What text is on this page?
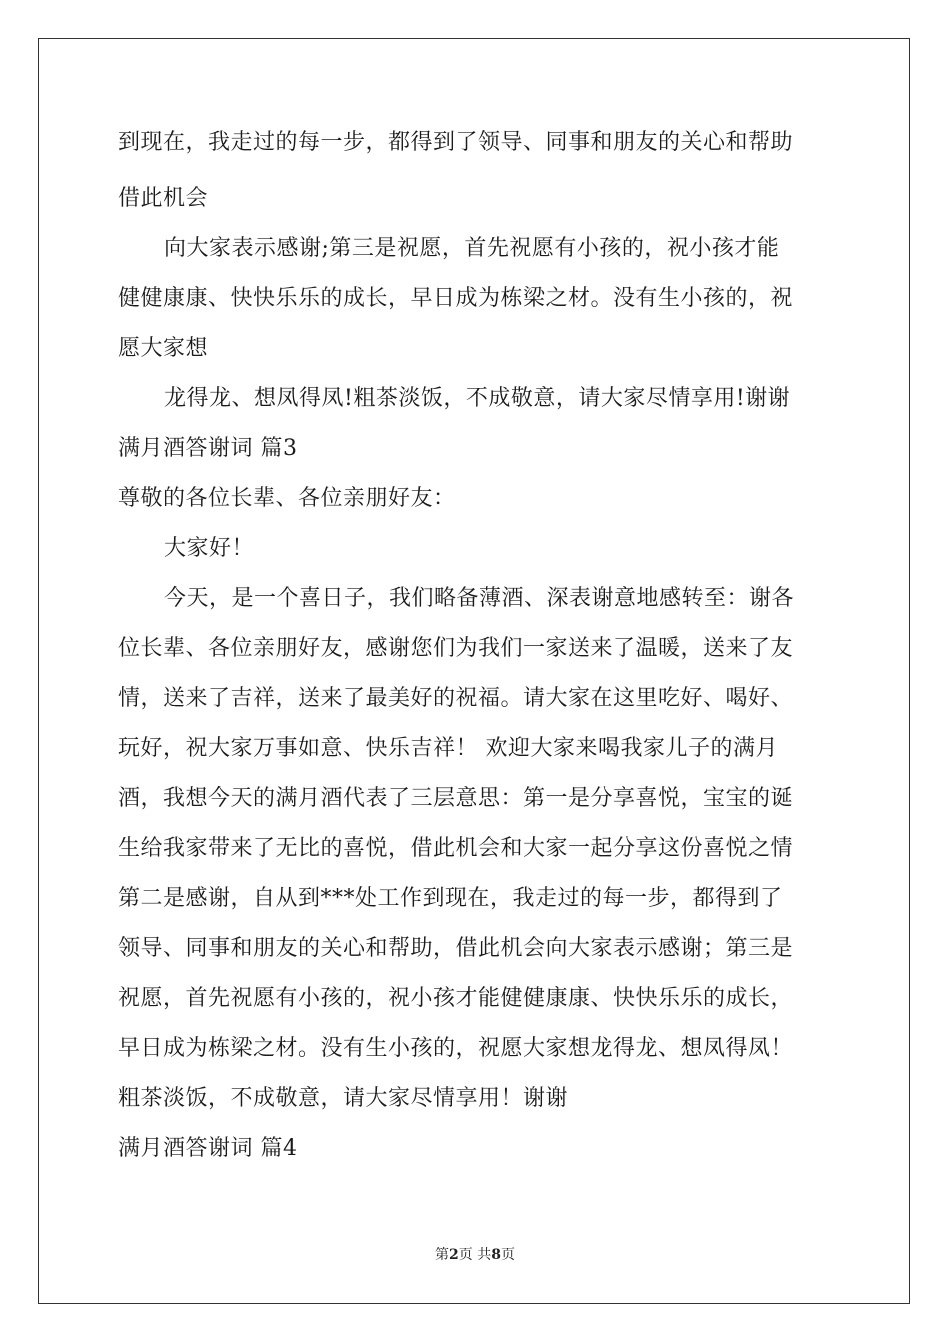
到现在，我走过的每一步，都得到了领导、同事和朋友的关心和帮助
借此机会
向大家表示感谢;第三是祝愿，首先祝愿有小孩的，祝小孩才能
健健康康、快快乐乐的成长，早日成为栋梁之材。没有生小孩的，祝
愿大家想
龙得龙、想凤得凤!粗茶淡饭，不成敬意，请大家尽情享用!谢谢
满月酒答谢词 篇3
尊敬的各位长辈、各位亲朋好友：
大家好！
今天，是一个喜日子，我们略备薄酒、深表谢意地感转至：谢各
位长辈、各位亲朋好友，感谢您们为我们一家送来了温暖，送来了友
情，送来了吉祥，送来了最美好的祝福。请大家在这里吃好、喝好、
玩好，祝大家万事如意、快乐吉祥！ 欢迎大家来喝我家儿子的满月
酒，我想今天的满月酒代表了三层意思：第一是分享喜悦，宝宝的诞
生给我家带来了无比的喜悦，借此机会和大家一起分享这份喜悦之情
第二是感谢，自从到***处工作到现在，我走过的每一步，都得到了
领导、同事和朋友的关心和帮助，借此机会向大家表示感谢；第三是
祝愿，首先祝愿有小孩的，祝小孩才能健健康康、快快乐乐的成长，
早日成为栋梁之材。没有生小孩的，祝愿大家想龙得龙、想凤得凤！
粗茶淡饭，不成敬意，请大家尽情享用！谢谢
满月酒答谢词 篇4
第2页 共8页
